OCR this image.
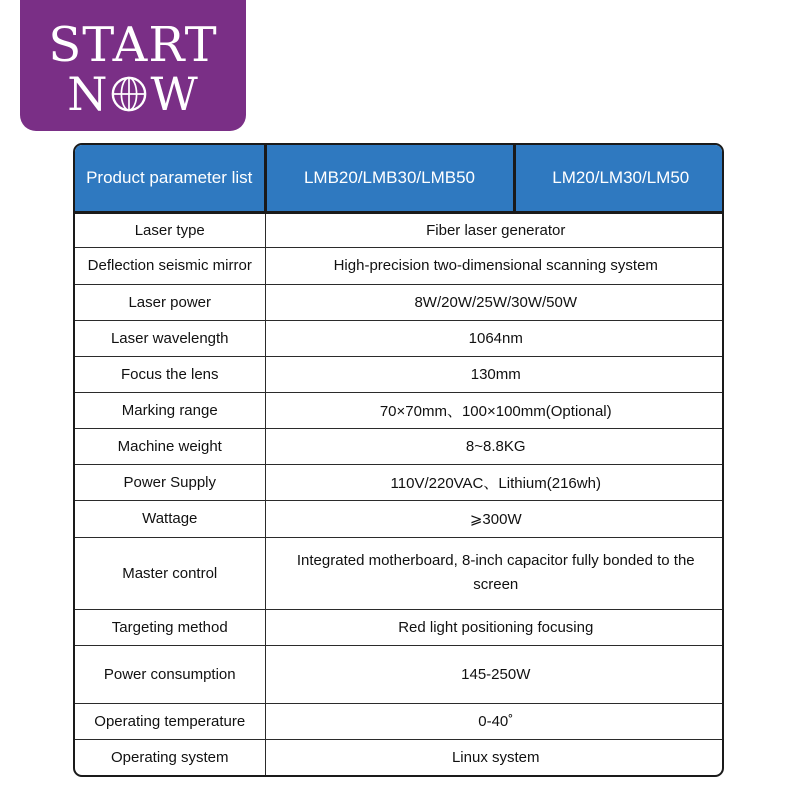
START
N W
Product parameter list	LMB20/LMB30/LMB50	LM20/LM30/LM50
Laser type	Fiber laser generator	
Deflection seismic mirror	High-precision two-dimensional scanning system	
Laser power	8W/20W/25W/30W/50W	
Laser wavelength	1064nm	
Focus the lens	130mm	
Marking range	70×70mm、100×100mm(Optional)	
Machine weight	8~8.8KG	
Power Supply	110V/220VAC、Lithium(216wh)	
Wattage	⩾300W	
Master control	Integrated motherboard, 8-inch capacitor fully bonded to the screen	
Targeting method	Red light positioning focusing	
Power consumption	145-250W	
Operating temperature	0-40˚	
Operating system	Linux system	
